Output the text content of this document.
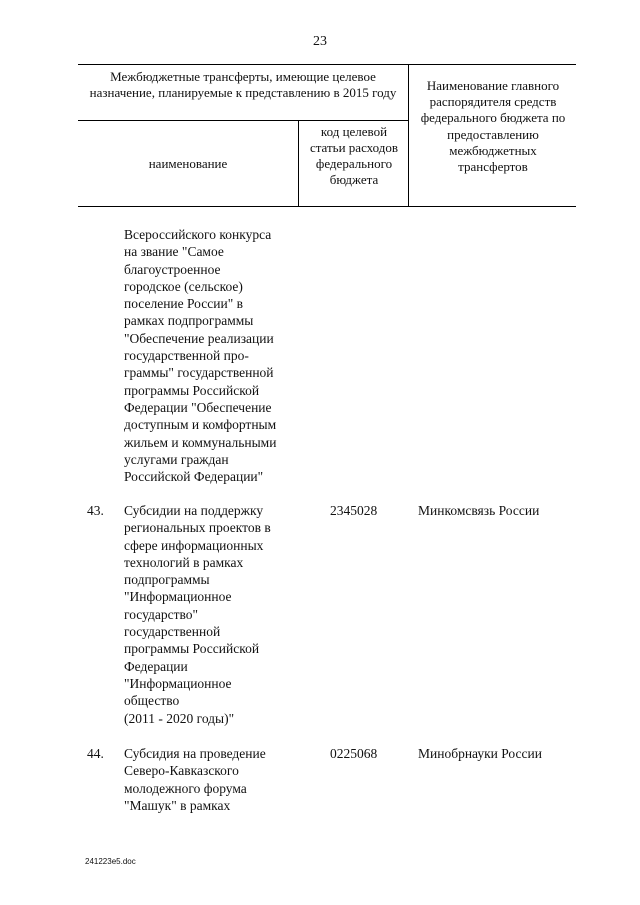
23
Межбюджетные трансферты, имеющие целевое назначение, планируемые к представлению в 2015 году
наименование
код целевой статьи расходов федерального бюджета
Наименование главного распорядителя средств федерального бюджета по предоставлению межбюджетных трансфертов
Всероссийского конкурса
на звание "Самое
благоустроенное
городское (сельское)
поселение России" в
рамках подпрограммы
"Обеспечение реализации
государственной про-
граммы" государственной
программы Российской
Федерации "Обеспечение
доступным и комфортным
жильем и коммунальными
услугами граждан
Российской Федерации"
43.	Субсидии на поддержку
региональных проектов в
сфере информационных
технологий в рамках
подпрограммы
"Информационное
государство"
государственной
программы Российской
Федерации
"Информационное
общество
(2011 - 2020 годы)"
2345028	Минкомсвязь России
44.	Субсидия на проведение
Северо-Кавказского
молодежного форума
"Машук" в рамках
0225068	Минобрнауки России
241223e5.doc
